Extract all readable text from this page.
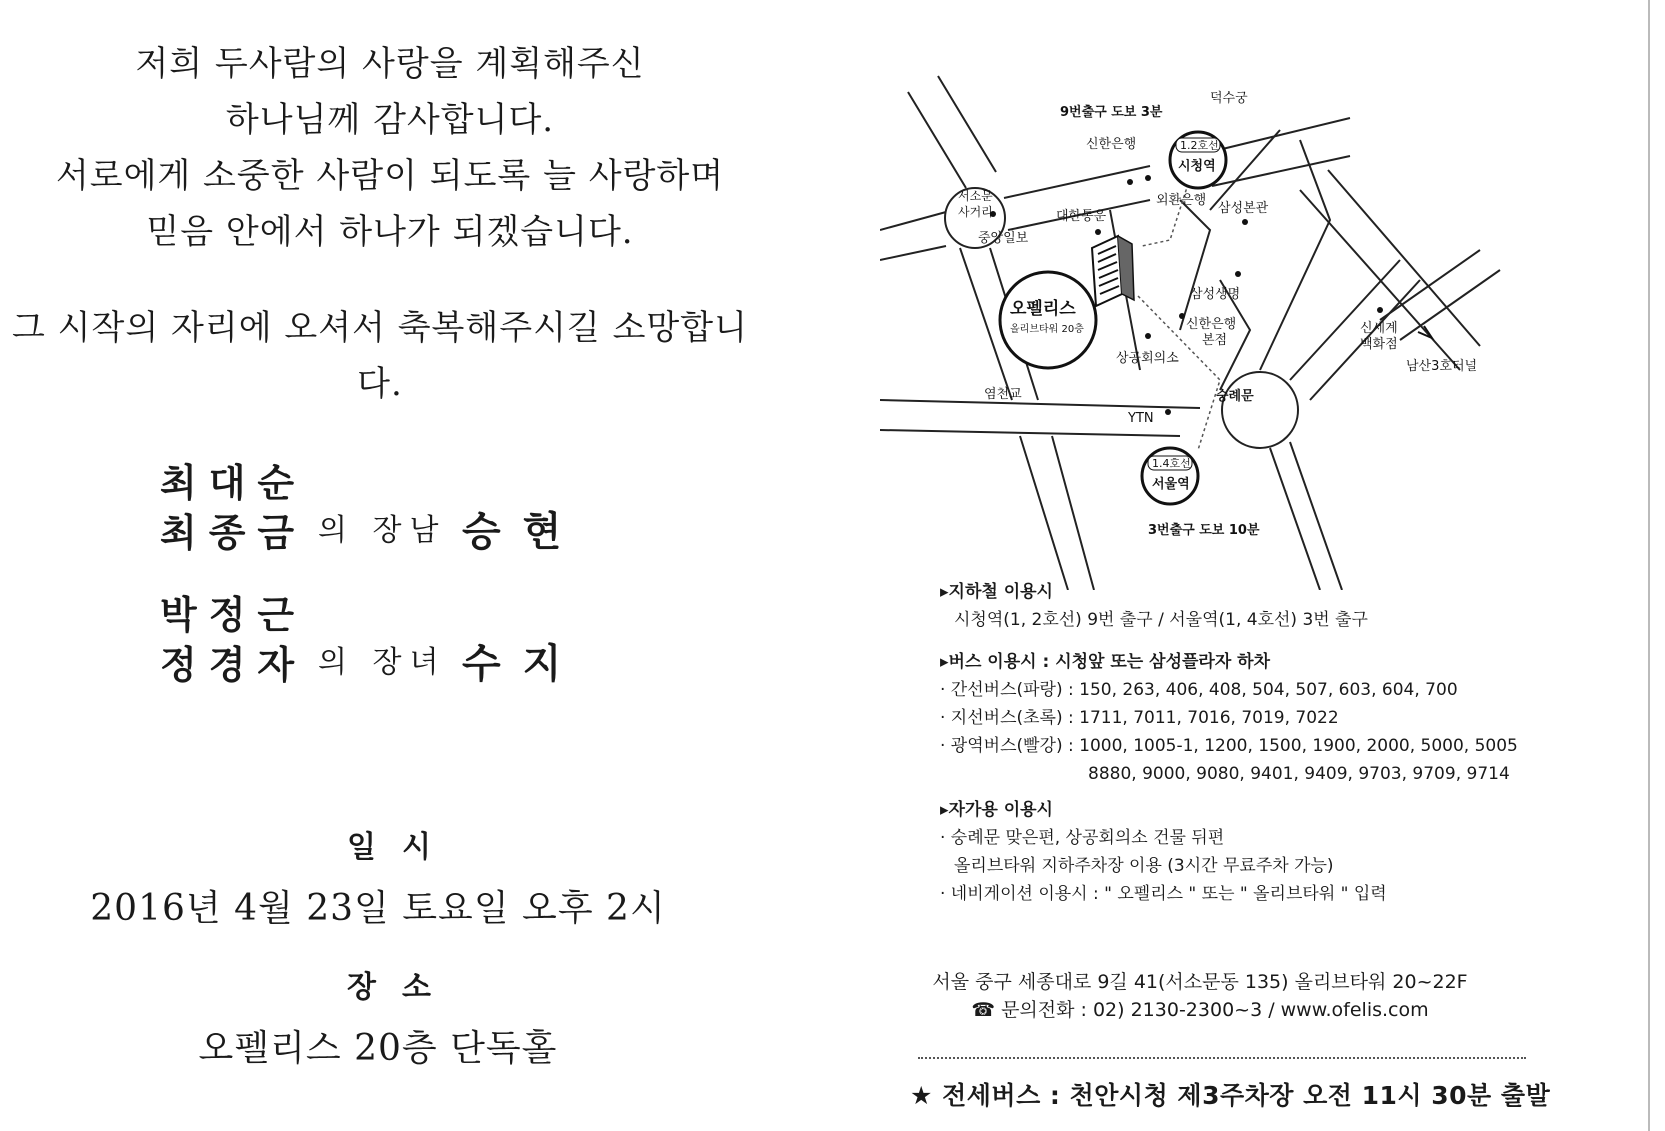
저희 두사람의 사랑을 계획해주신
하나님께 감사합니다.
서로에게 소중한 사람이 되도록 늘 사랑하며
믿음 안에서 하나가 되겠습니다.
그 시작의 자리에 오셔서 축복해주시길 소망합니다.
최대순
최종금 의 장남 승현
박정근
정경자 의 장녀 수지
일시
2016년 4월 23일 토요일 오후 2시
장소
오펠리스 20층 단독홀
덕수궁
9번출구 도보 3분
신한은행	1.2호선
시청역
서소문
사거리	대한통운
외환은행
삼성본관
중앙일보
오펠리스
올리브타워 20층
삼성생명
신한은행
본점
상공회의소
신세계
백화점
남산3호터널
염천교	숭례문
YTN
1.4호선
서울역
3번출구 도보 10분
▸지하철 이용시
시청역(1, 2호선) 9번 출구 / 서울역(1, 4호선) 3번 출구
▸버스 이용시 : 시청앞 또는 삼성플라자 하차
· 간선버스(파랑) : 150, 263, 406, 408, 504, 507, 603, 604, 700
· 지선버스(초록) : 1711, 7011, 7016, 7019, 7022
· 광역버스(빨강) : 1000, 1005-1, 1200, 1500, 1900, 2000, 5000, 5005
8880, 9000, 9080, 9401, 9409, 9703, 9709, 9714
▸자가용 이용시
· 숭례문 맞은편, 상공회의소 건물 뒤편
올리브타워 지하주차장 이용 (3시간 무료주차 가능)
· 네비게이션 이용시 : " 오펠리스 " 또는 " 올리브타워 " 입력
서울 중구 세종대로 9길 41(서소문동 135) 올리브타워 20~22F
☎ 문의전화 : 02) 2130-2300~3 / www.ofelis.com
★ 전세버스 : 천안시청 제3주차장 오전 11시 30분 출발
